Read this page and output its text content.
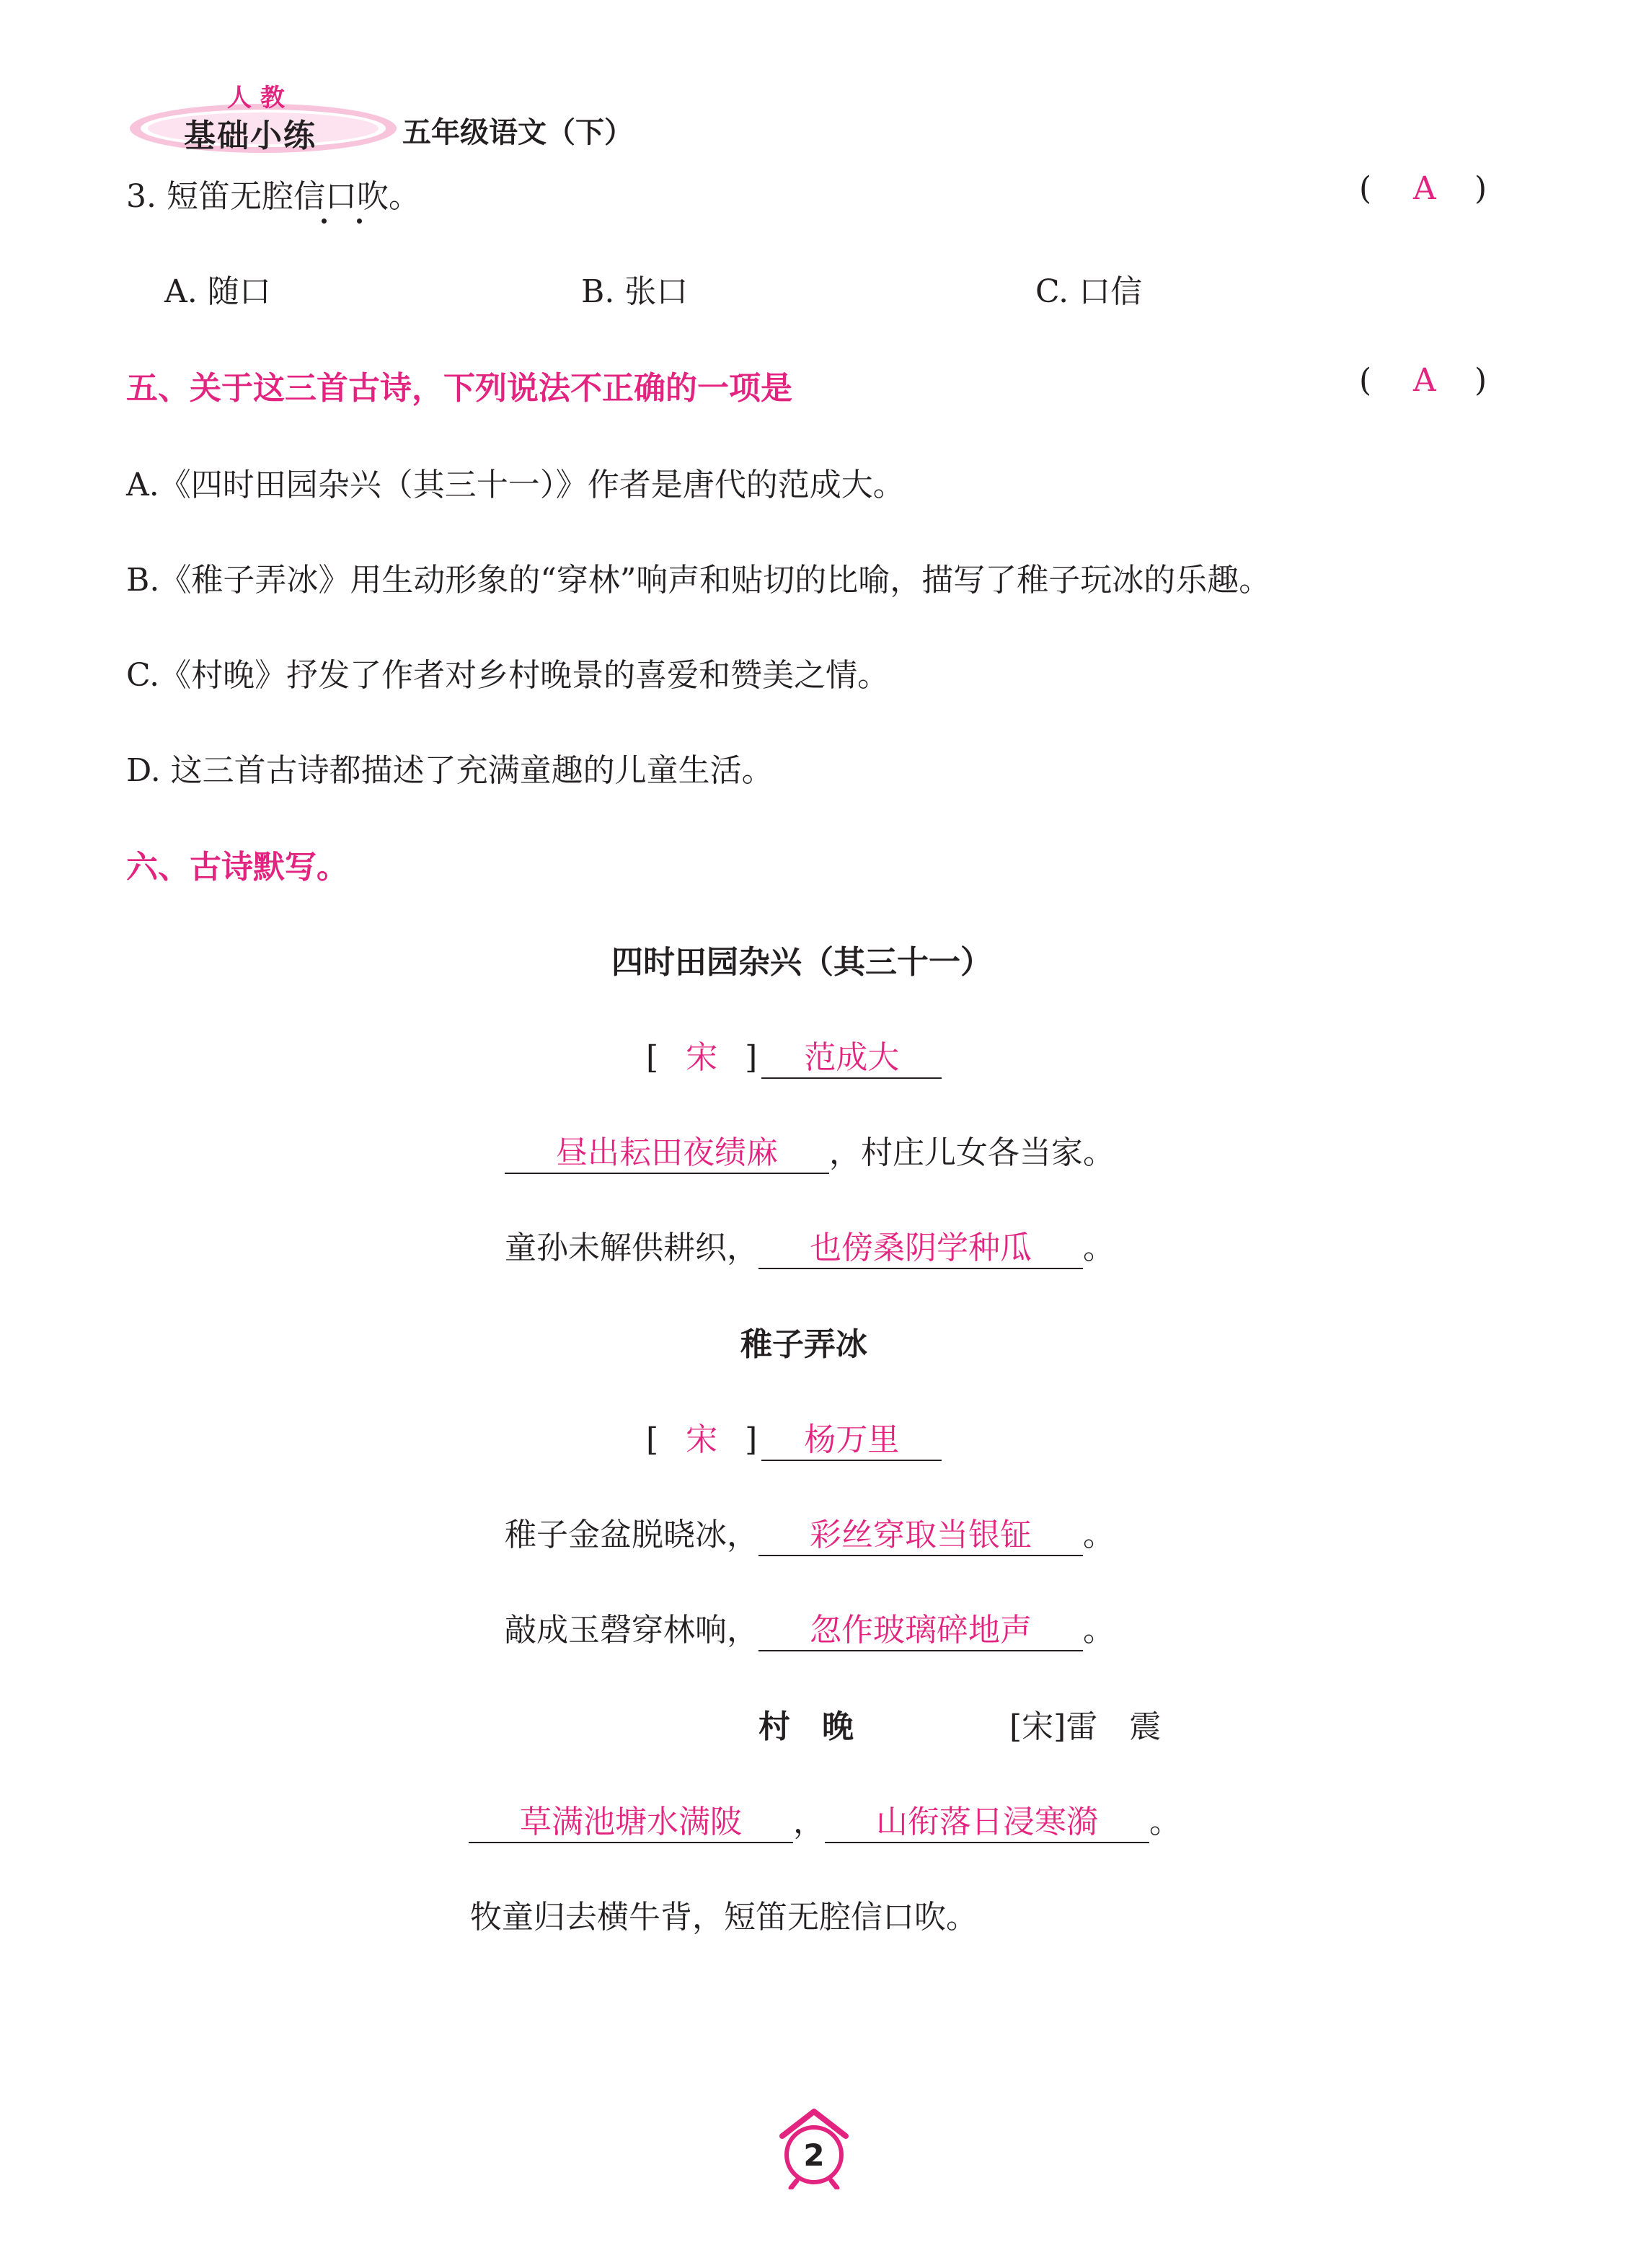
人 教
基础小练	五年级语文（下）
3. 短笛无腔信口吹。	( A )
A. 随口	B. 张口	C. 口信
五、关于这三首古诗，下列说法不正确的一项是	( A )
A.《四时田园杂兴（其三十一）》作者是唐代的范成大。
B.《稚子弄冰》用生动形象的“穿林”响声和贴切的比喻，描写了稚子玩冰的乐趣。
C.《村晚》抒发了作者对乡村晚景的喜爱和赞美之情。
D. 这三首古诗都描述了充满童趣的儿童生活。
六、古诗默写。
四时田园杂兴（其三十一）
[ 宋 ] 范成大
昼出耘田夜绩麻 ，村庄儿女各当家。
童孙未解供耕织， 也傍桑阴学种瓜 。
稚子弄冰
[ 宋 ] 杨万里
稚子金盆脱晓冰， 彩丝穿取当银钲 。
敲成玉磬穿林响， 忽作玻璃碎地声 。
村　晚	[宋]雷　震
草满池塘水满陂 ， 山衔落日浸寒漪 。
牧童归去横牛背，短笛无腔信口吹。
2
